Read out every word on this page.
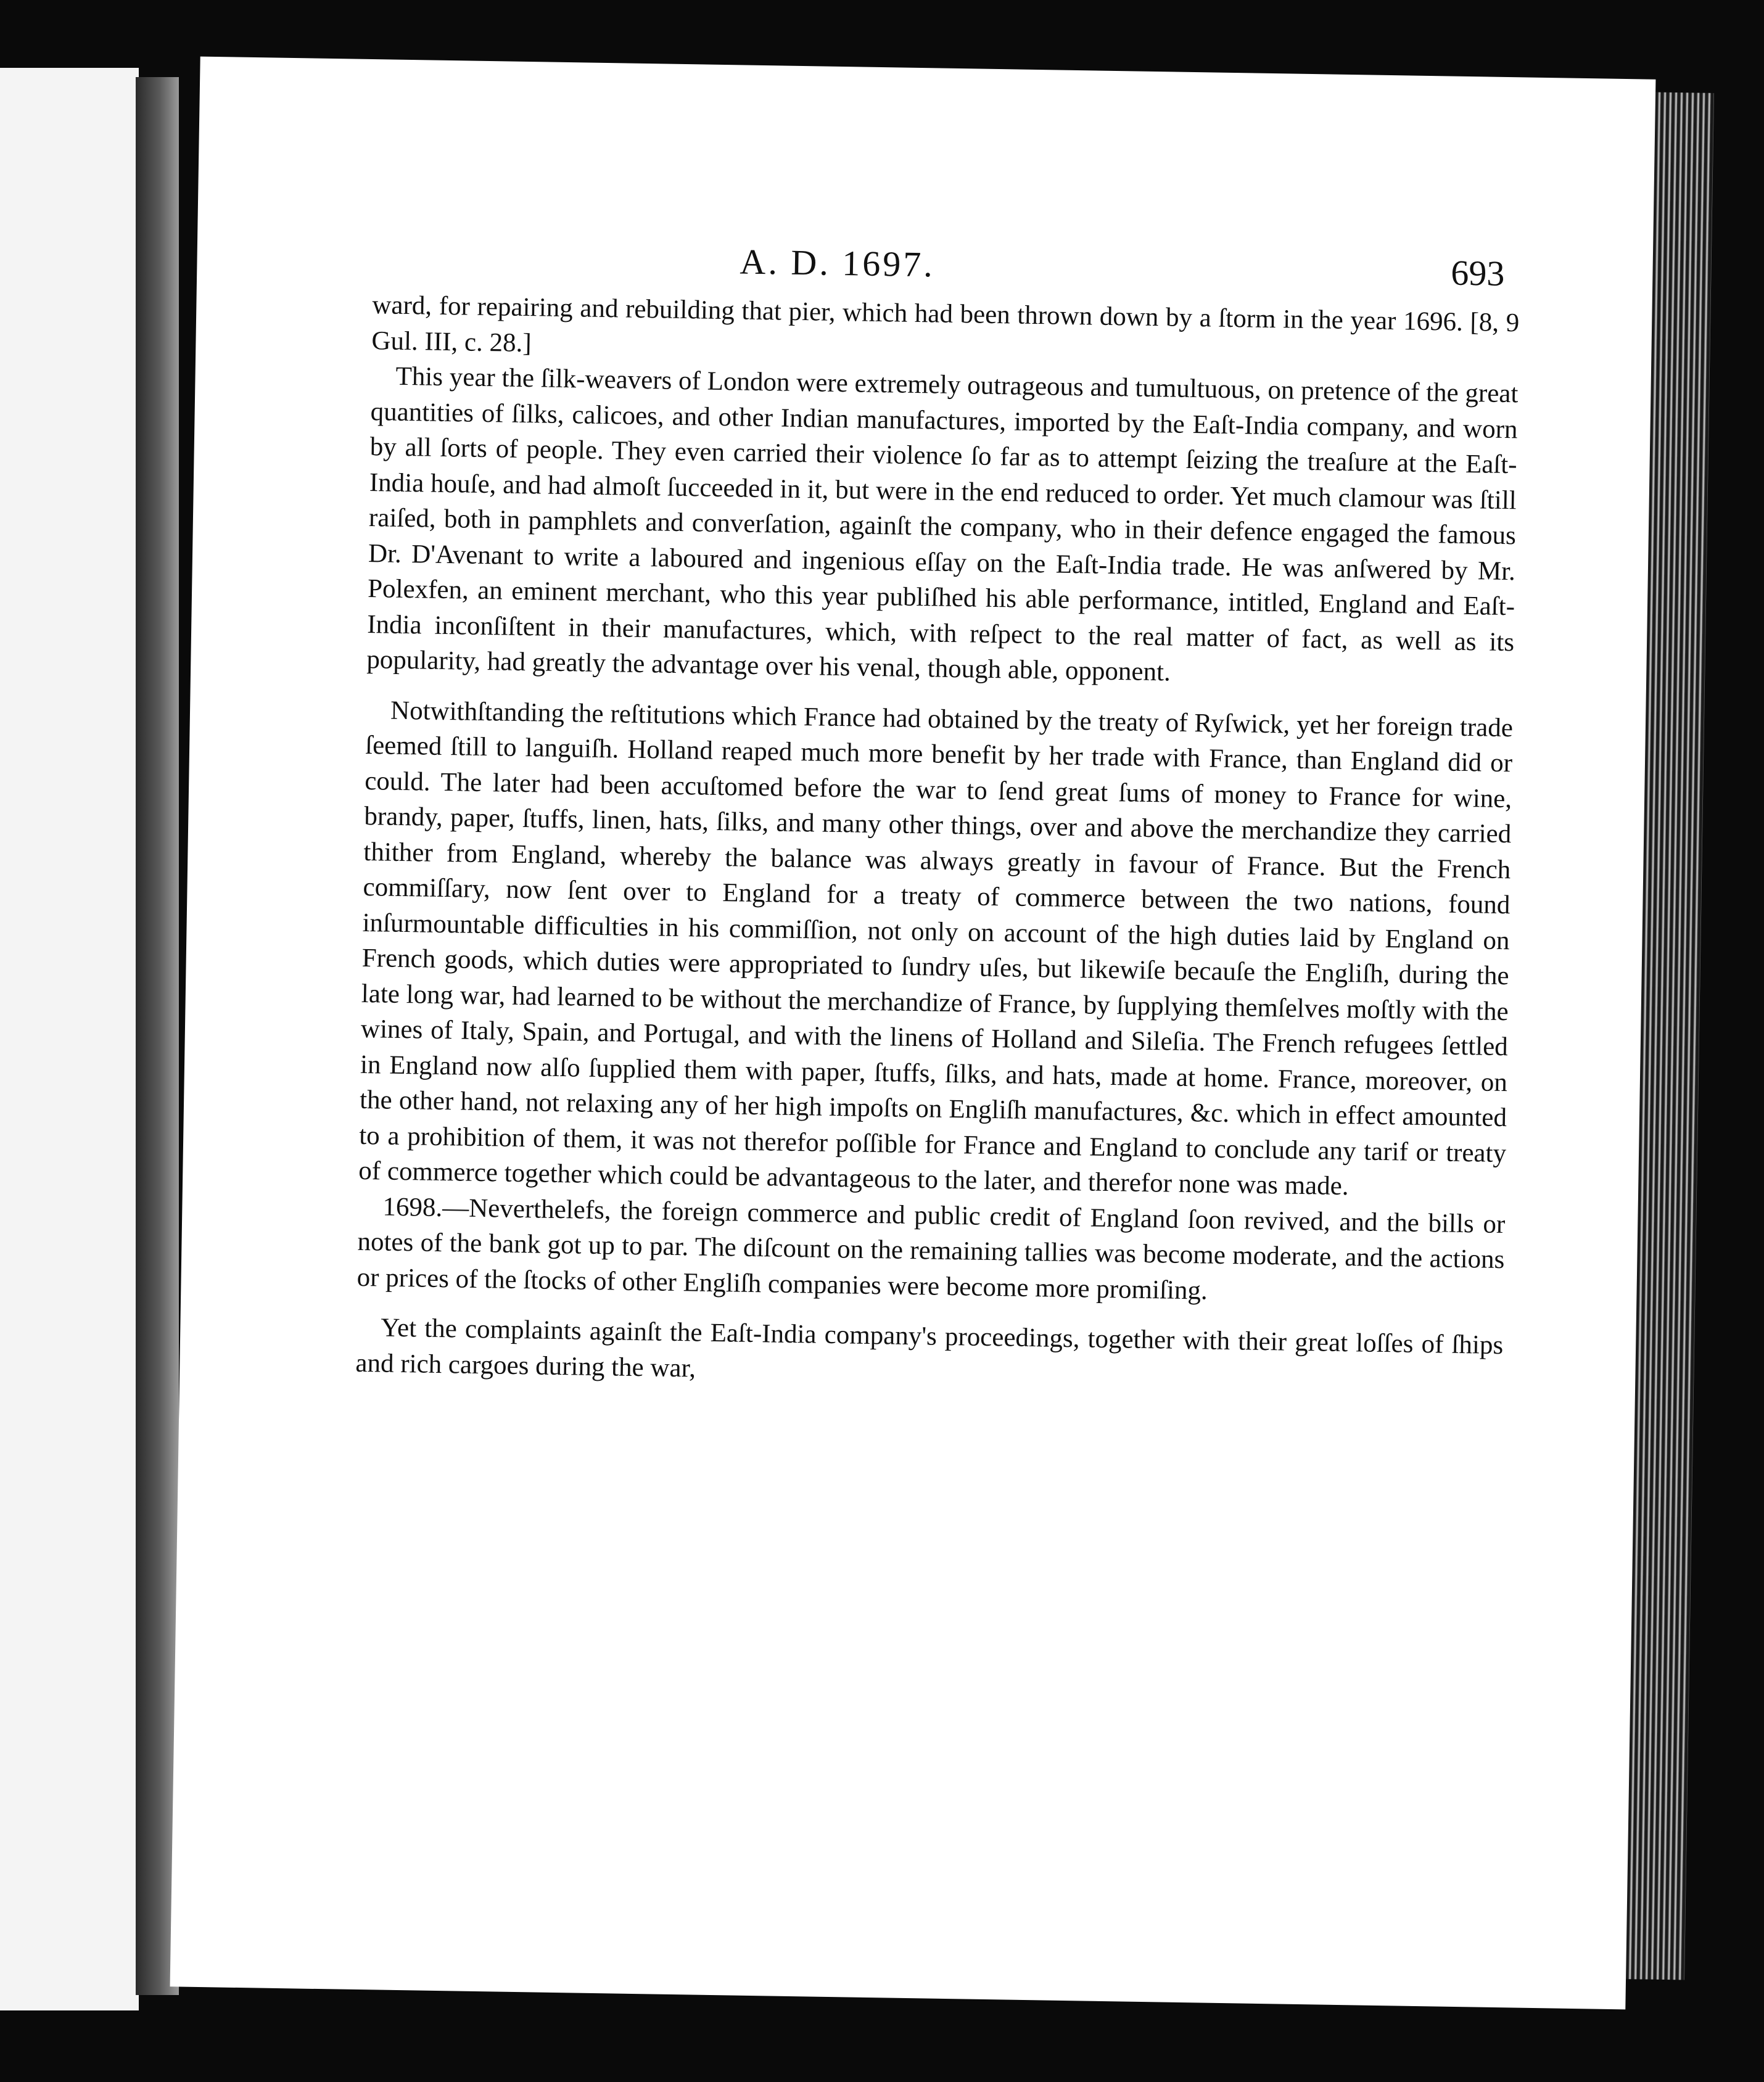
A. D. 1697.	693

ward, for repairing and rebuilding that pier, which had been thrown down by a ſtorm in the year 1696. [8, 9 Gul. III, c. 28.]

This year the ſilk-weavers of London were extremely outrageous and tumultuous, on pretence of the great quantities of ſilks, calicoes, and other Indian manufactures, imported by the Eaſt-India company, and worn by all ſorts of people. They even carried their violence ſo far as to attempt ſeizing the treaſure at the Eaſt-India houſe, and had almoſt ſucceeded in it, but were in the end reduced to order. Yet much clamour was ſtill raiſed, both in pamphlets and converſation, againſt the company, who in their defence engaged the famous Dr. D'Avenant to write a laboured and ingenious eſſay on the Eaſt-India trade. He was anſwered by Mr. Polexfen, an eminent merchant, who this year publiſhed his able performance, intitled, England and Eaſt-India inconſiſtent in their manufactures, which, with reſpect to the real matter of fact, as well as its popularity, had greatly the advantage over his venal, though able, opponent.

Notwithſtanding the reſtitutions which France had obtained by the treaty of Ryſwick, yet her foreign trade ſeemed ſtill to languiſh. Holland reaped much more benefit by her trade with France, than England did or could. The later had been accuſtomed before the war to ſend great ſums of money to France for wine, brandy, paper, ſtuffs, linen, hats, ſilks, and many other things, over and above the merchandize they carried thither from England, whereby the balance was always greatly in favour of France. But the French commiſſary, now ſent over to England for a treaty of commerce between the two nations, found inſurmountable difficulties in his commiſſion, not only on account of the high duties laid by England on French goods, which duties were appropriated to ſundry uſes, but likewiſe becauſe the Engliſh, during the late long war, had learned to be without the merchandize of France, by ſupplying themſelves moſtly with the wines of Italy, Spain, and Portugal, and with the linens of Holland and Sileſia. The French refugees ſettled in England now alſo ſupplied them with paper, ſtuffs, ſilks, and hats, made at home. France, moreover, on the other hand, not relaxing any of her high impoſts on Engliſh manufactures, &c. which in effect amounted to a prohibition of them, it was not therefor poſſible for France and England to conclude any tarif or treaty of commerce together which could be advantageous to the later, and therefor none was made.

1698.—Neverthelefs, the foreign commerce and public credit of England ſoon revived, and the bills or notes of the bank got up to par. The diſcount on the remaining tallies was become moderate, and the actions or prices of the ſtocks of other Engliſh companies were become more promiſing.

Yet the complaints againſt the Eaſt-India company's proceedings, together with their great loſſes of ſhips and rich cargoes during the war,
